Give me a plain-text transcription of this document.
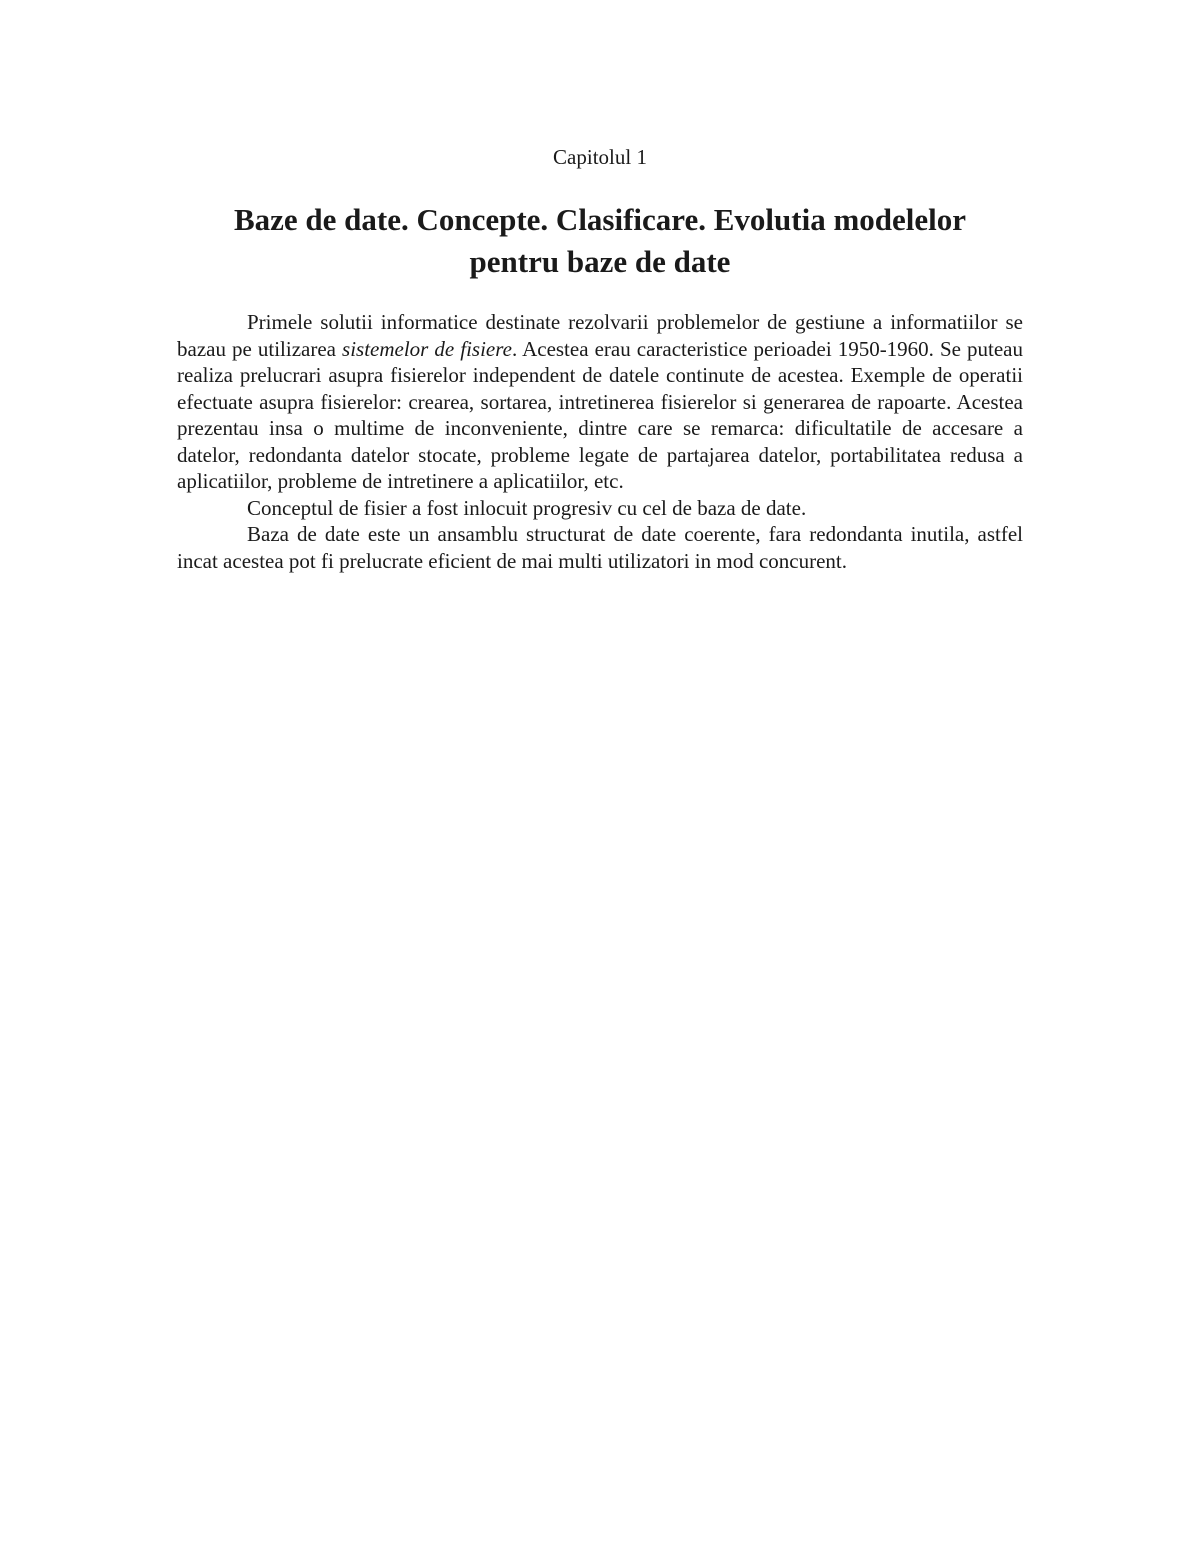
Capitolul 1
Baze de date. Concepte. Clasificare. Evolutia modelelor
pentru baze de date

Primele solutii informatice destinate rezolvarii problemelor de gestiune a informatiilor se bazau pe utilizarea sistemelor de fisiere. Acestea erau caracteristice perioadei 1950-1960. Se puteau realiza prelucrari asupra fisierelor independent de datele continute de acestea. Exemple de operatii efectuate asupra fisierelor: crearea, sortarea, intretinerea fisierelor si generarea de rapoarte. Acestea prezentau insa o multime de inconveniente, dintre care se remarca: dificultatile de accesare a datelor, redondanta datelor stocate, probleme legate de partajarea datelor, portabilitatea redusa a aplicatiilor, probleme de intretinere a aplicatiilor, etc.

Conceptul de fisier a fost inlocuit progresiv cu cel de baza de date.

Baza de date este un ansamblu structurat de date coerente, fara redondanta inutila, astfel incat acestea pot fi prelucrate eficient de mai multi utilizatori in mod concurent.
